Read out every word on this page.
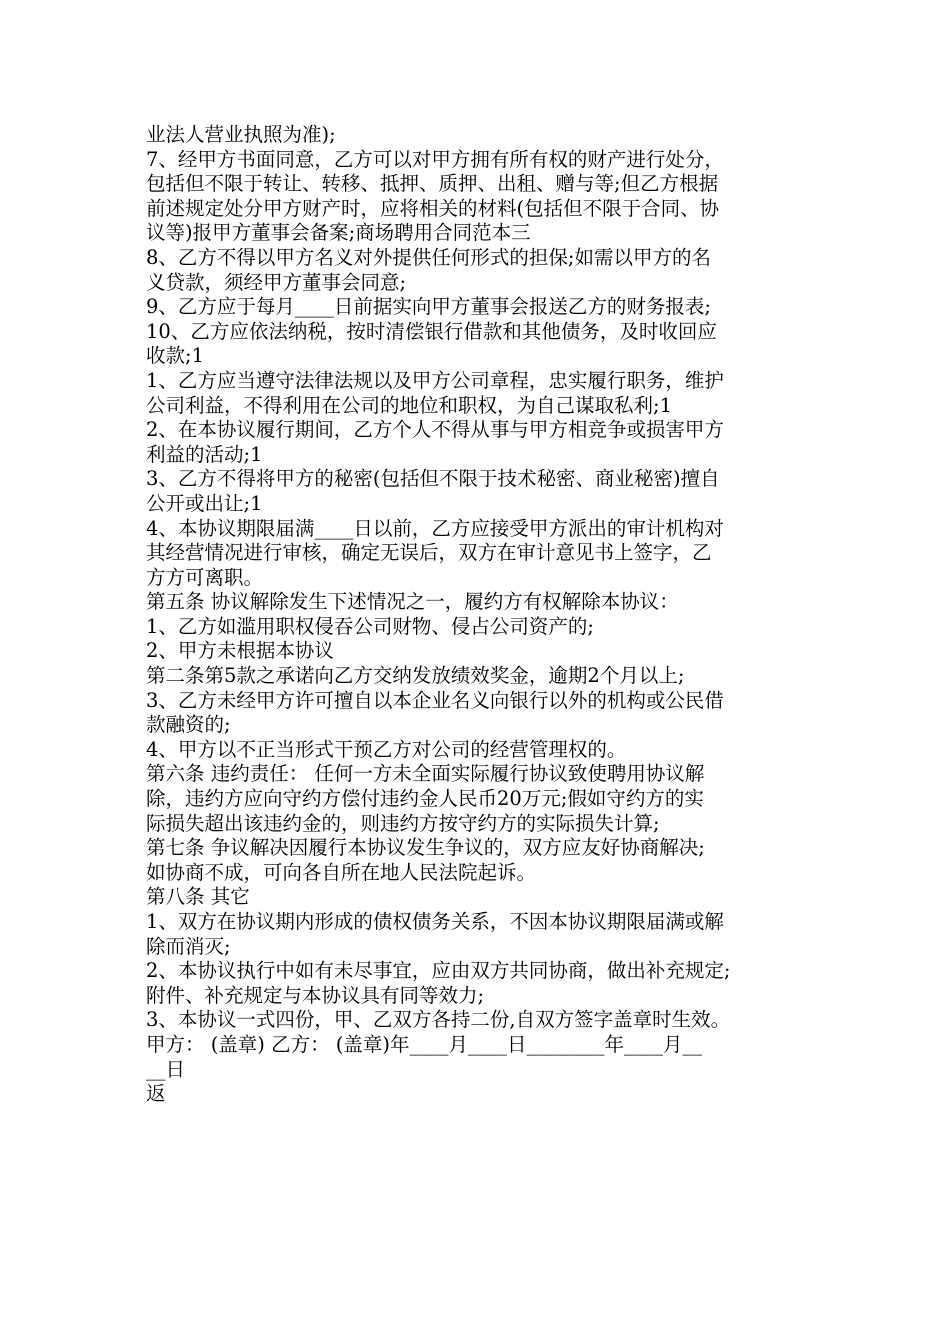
业法人营业执照为准);
7、经甲方书面同意，乙方可以对甲方拥有所有权的财产进行处分，
包括但不限于转让、转移、抵押、质押、出租、赠与等;但乙方根据
前述规定处分甲方财产时，应将相关的材料(包括但不限于合同、协
议等)报甲方董事会备案;商场聘用合同范本三
8、乙方不得以甲方名义对外提供任何形式的担保;如需以甲方的名
义贷款，须经甲方董事会同意;
9、乙方应于每月____日前据实向甲方董事会报送乙方的财务报表;
10、乙方应依法纳税，按时清偿银行借款和其他债务，及时收回应
收款;1
1、乙方应当遵守法律法规以及甲方公司章程，忠实履行职务，维护
公司利益，不得利用在公司的地位和职权，为自己谋取私利;1
2、在本协议履行期间，乙方个人不得从事与甲方相竞争或损害甲方
利益的活动;1
3、乙方不得将甲方的秘密(包括但不限于技术秘密、商业秘密)擅自
公开或出让;1
4、本协议期限届满____日以前，乙方应接受甲方派出的审计机构对
其经营情况进行审核，确定无误后，双方在审计意见书上签字，乙
方方可离职。
第五条 协议解除发生下述情况之一，履约方有权解除本协议：
1、乙方如滥用职权侵吞公司财物、侵占公司资产的;
2、甲方未根据本协议
第二条第5款之承诺向乙方交纳发放绩效奖金，逾期2个月以上;
3、乙方未经甲方许可擅自以本企业名义向银行以外的机构或公民借
款融资的;
4、甲方以不正当形式干预乙方对公司的经营管理权的。
第六条 违约责任： 任何一方未全面实际履行协议致使聘用协议解
除，违约方应向守约方偿付违约金人民币20万元;假如守约方的实
际损失超出该违约金的，则违约方按守约方的实际损失计算;
第七条 争议解决因履行本协议发生争议的，双方应友好协商解决;
如协商不成，可向各自所在地人民法院起诉。
第八条 其它
1、双方在协议期内形成的债权债务关系，不因本协议期限届满或解
除而消灭;
2、本协议执行中如有未尽事宜，应由双方共同协商，做出补充规定;
附件、补充规定与本协议具有同等效力;
3、本协议一式四份，甲、乙双方各持二份,自双方签字盖章时生效。
甲方： (盖章) 乙方： (盖章)年____月____日________年____月__
__日
返
